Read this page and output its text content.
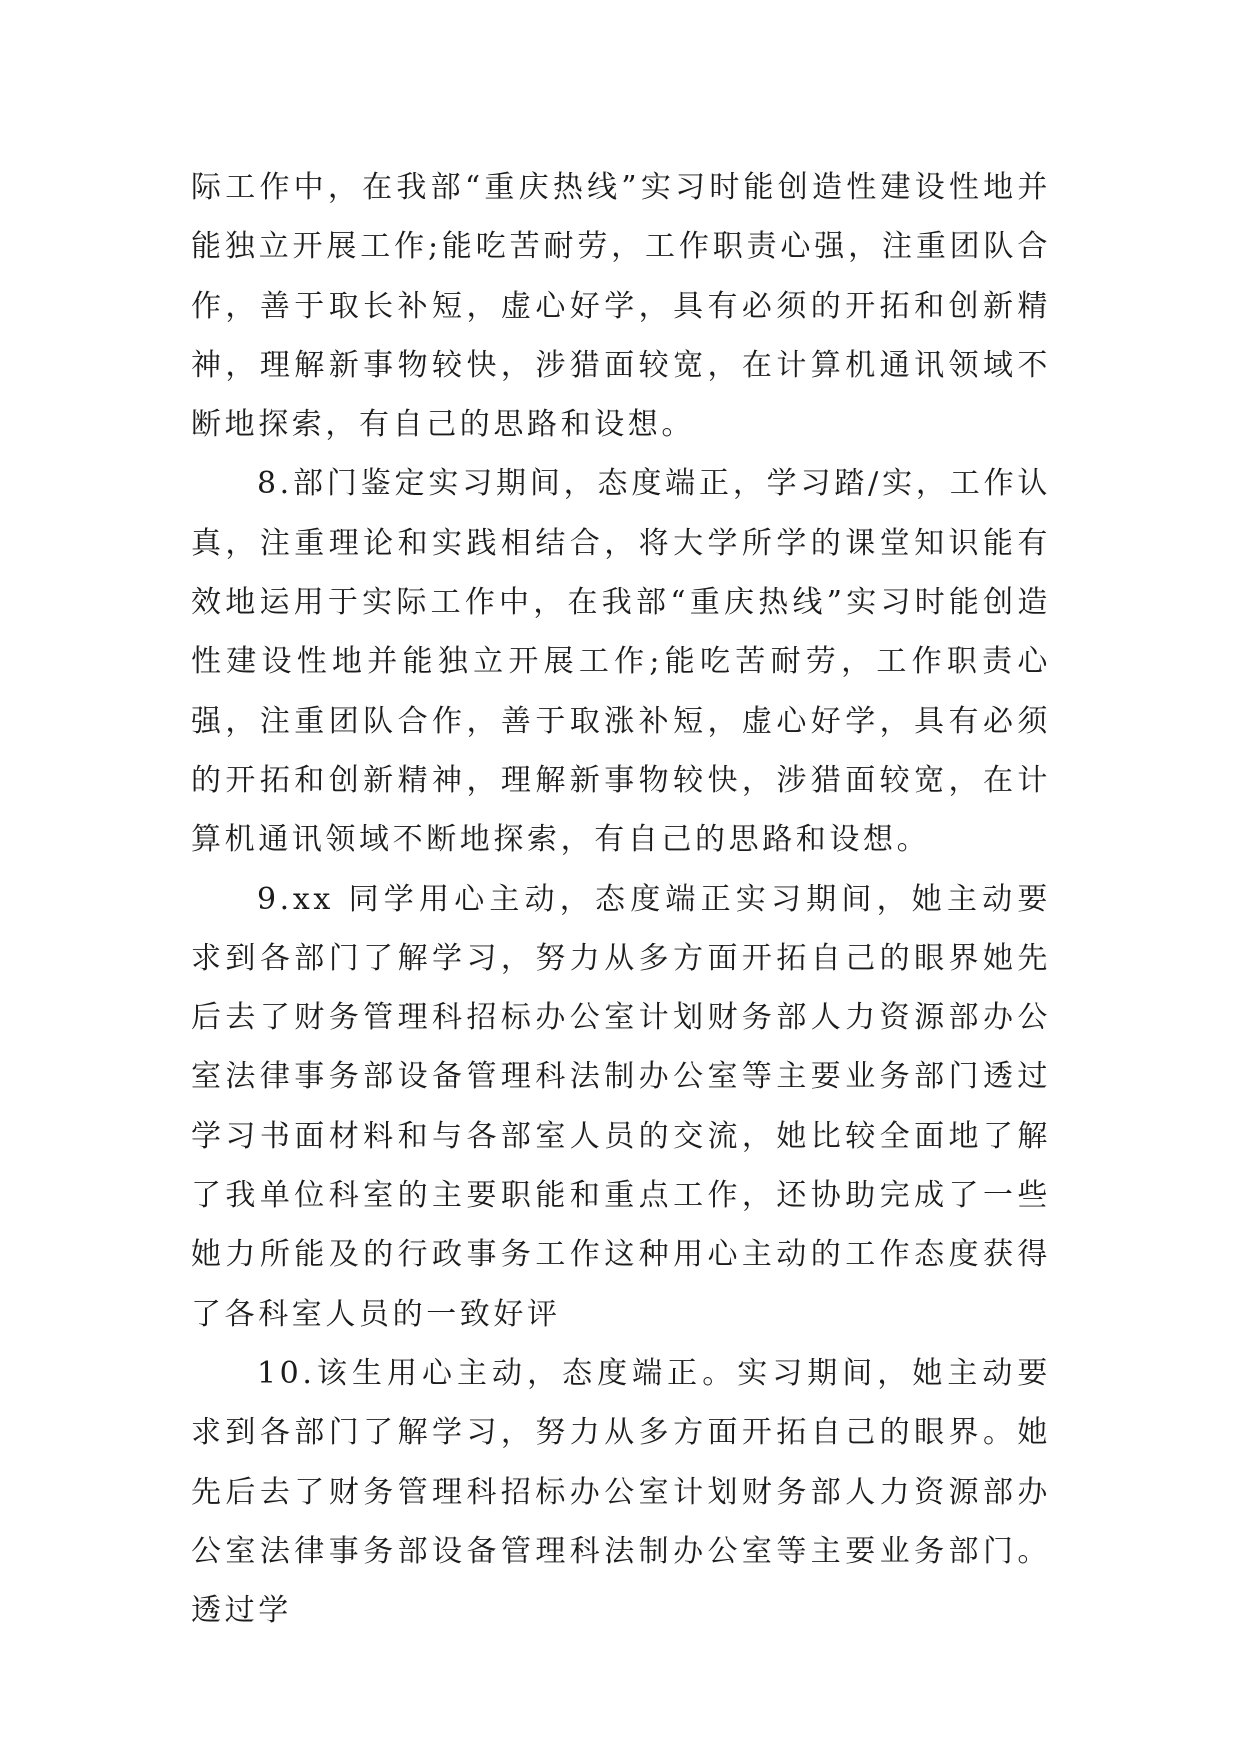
际工作中，在我部“重庆热线”实习时能创造性建设性地并能独立开展工作;能吃苦耐劳，工作职责心强，注重团队合作，善于取长补短，虚心好学，具有必须的开拓和创新精神，理解新事物较快，涉猎面较宽，在计算机通讯领域不断地探索，有自己的思路和设想。

8.部门鉴定实习期间，态度端正，学习踏/实，工作认真，注重理论和实践相结合，将大学所学的课堂知识能有效地运用于实际工作中，在我部“重庆热线”实习时能创造性建设性地并能独立开展工作;能吃苦耐劳，工作职责心强，注重团队合作，善于取涨补短，虚心好学，具有必须的开拓和创新精神，理解新事物较快，涉猎面较宽，在计算机通讯领域不断地探索，有自己的思路和设想。

9.xx 同学用心主动，态度端正实习期间，她主动要求到各部门了解学习，努力从多方面开拓自己的眼界她先后去了财务管理科招标办公室计划财务部人力资源部办公室法律事务部设备管理科法制办公室等主要业务部门透过学习书面材料和与各部室人员的交流，她比较全面地了解了我单位科室的主要职能和重点工作，还协助完成了一些她力所能及的行政事务工作这种用心主动的工作态度获得了各科室人员的一致好评

10.该生用心主动，态度端正。实习期间，她主动要求到各部门了解学习，努力从多方面开拓自己的眼界。她先后去了财务管理科招标办公室计划财务部人力资源部办公室法律事务部设备管理科法制办公室等主要业务部门。透过学
